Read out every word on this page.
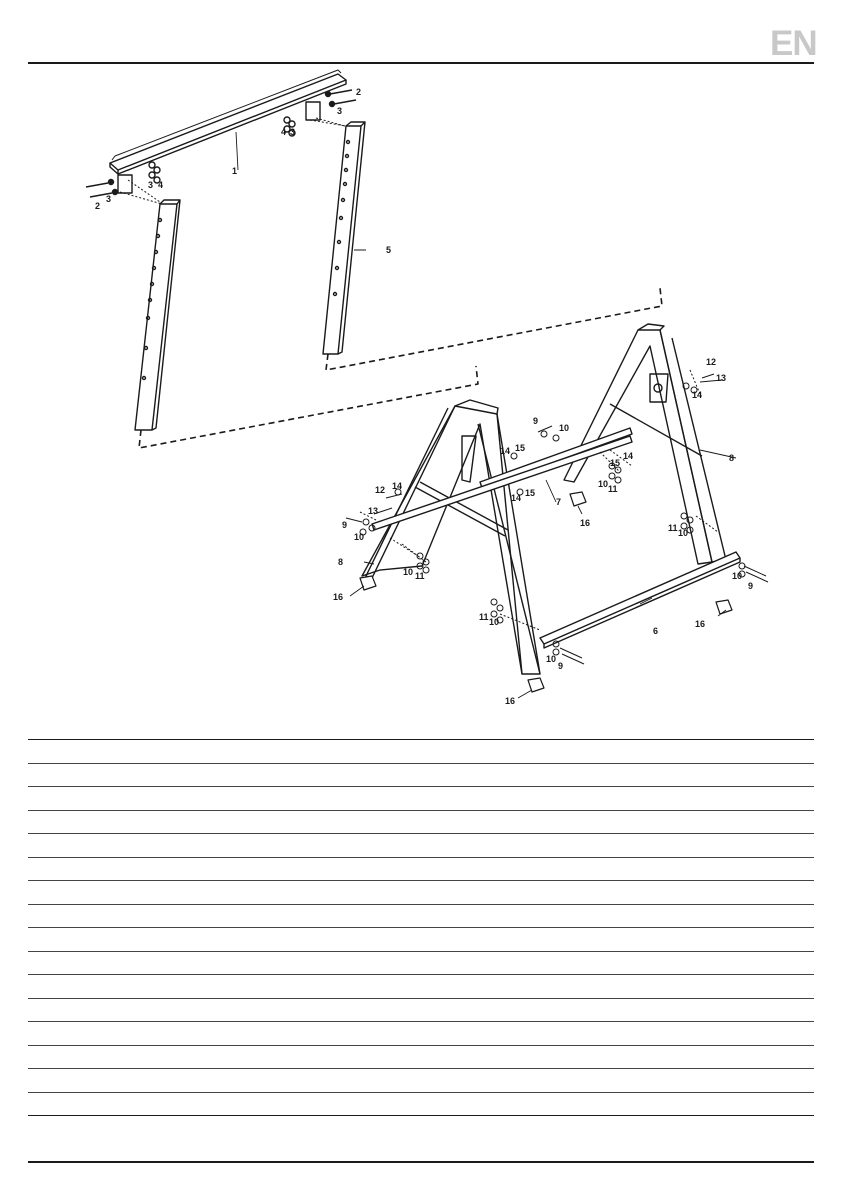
EN
1
2
2
3
3
3
3
4
4
5
6
7
8
8
9
9
9
9
10
10
10
10
10
10
10
10
11
11
11
11
12
12
13
13
14
14
14
14
14
15
15
15
16
16
16
16
